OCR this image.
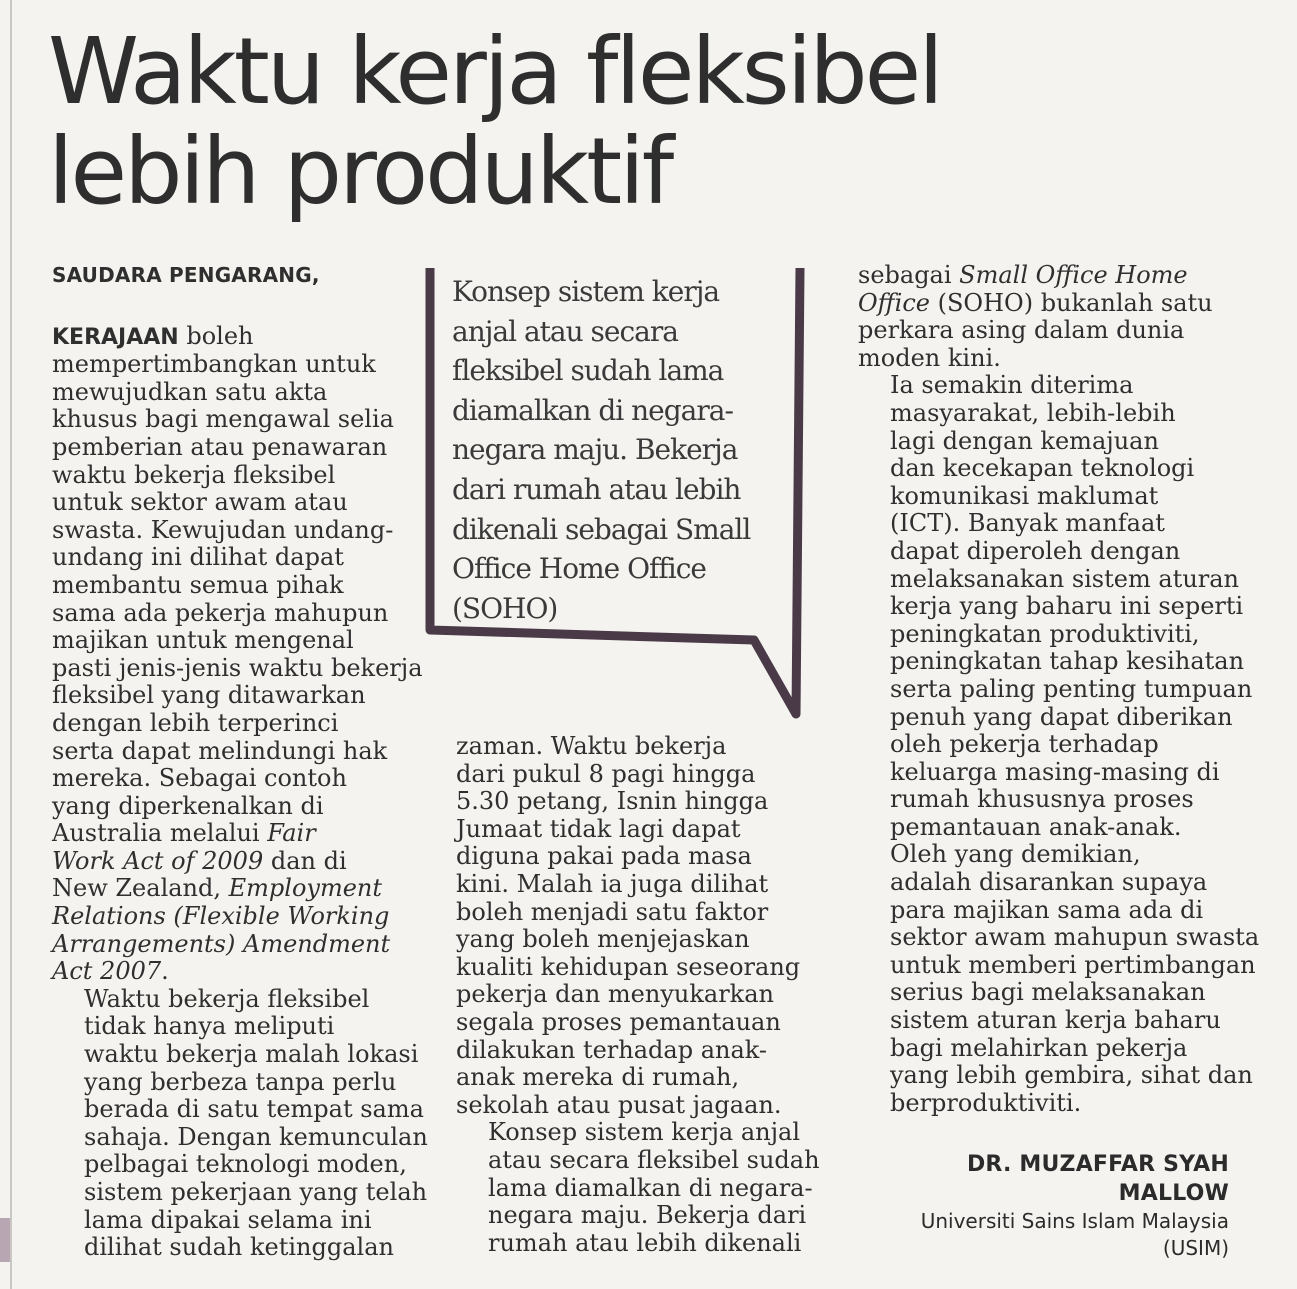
Waktu kerja fleksibel
lebih produktif

SAUDARA PENGARANG,

KERAJAAN boleh
mempertimbangkan untuk
mewujudkan satu akta
khusus bagi mengawal selia
pemberian atau penawaran
waktu bekerja fleksibel
untuk sektor awam atau
swasta. Kewujudan undang-
undang ini dilihat dapat
membantu semua pihak
sama ada pekerja mahupun
majikan untuk mengenal
pasti jenis-jenis waktu bekerja
fleksibel yang ditawarkan
dengan lebih terperinci
serta dapat melindungi hak
mereka. Sebagai contoh
yang diperkenalkan di
Australia melalui Fair
Work Act of 2009 dan di
New Zealand, Employment
Relations (Flexible Working
Arrangements) Amendment
Act 2007.

Waktu bekerja fleksibel
tidak hanya meliputi
waktu bekerja malah lokasi
yang berbeza tanpa perlu
berada di satu tempat sama
sahaja. Dengan kemunculan
pelbagai teknologi moden,
sistem pekerjaan yang telah
lama dipakai selama ini
dilihat sudah ketinggalan

Konsep sistem kerja
anjal atau secara
fleksibel sudah lama
diamalkan di negara-
negara maju. Bekerja
dari rumah atau lebih
dikenali sebagai Small
Office Home Office
(SOHO)

zaman. Waktu bekerja
dari pukul 8 pagi hingga
5.30 petang, Isnin hingga
Jumaat tidak lagi dapat
diguna pakai pada masa
kini. Malah ia juga dilihat
boleh menjadi satu faktor
yang boleh menjejaskan
kualiti kehidupan seseorang
pekerja dan menyukarkan
segala proses pemantauan
dilakukan terhadap anak-
anak mereka di rumah,
sekolah atau pusat jagaan.

Konsep sistem kerja anjal
atau secara fleksibel sudah
lama diamalkan di negara-
negara maju. Bekerja dari
rumah atau lebih dikenali

sebagai Small Office Home
Office (SOHO) bukanlah satu
perkara asing dalam dunia
moden kini.

Ia semakin diterima
masyarakat, lebih-lebih
lagi dengan kemajuan
dan kecekapan teknologi
komunikasi maklumat
(ICT). Banyak manfaat
dapat diperoleh dengan
melaksanakan sistem aturan
kerja yang baharu ini seperti
peningkatan produktiviti,
peningkatan tahap kesihatan
serta paling penting tumpuan
penuh yang dapat diberikan
oleh pekerja terhadap
keluarga masing-masing di
rumah khususnya proses
pemantauan anak-anak.

Oleh yang demikian,
adalah disarankan supaya
para majikan sama ada di
sektor awam mahupun swasta
untuk memberi pertimbangan
serius bagi melaksanakan
sistem aturan kerja baharu
bagi melahirkan pekerja
yang lebih gembira, sihat dan
berproduktiviti.

DR. MUZAFFAR SYAH
MALLOW
Universiti Sains Islam Malaysia
(USIM)
